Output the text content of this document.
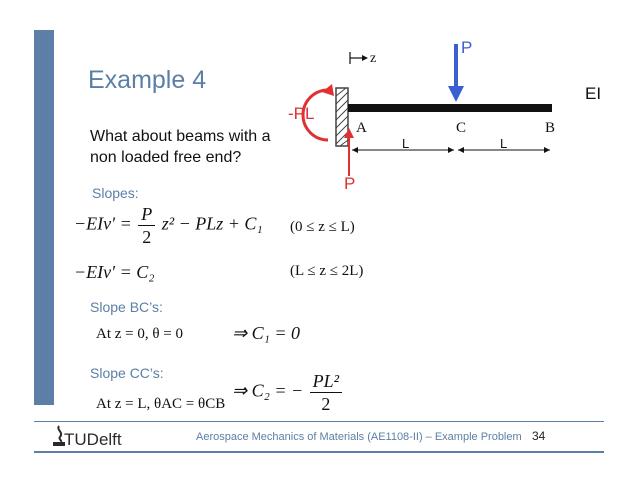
Example 4
What about beams with a
non loaded free end?
z
P
-PL
P
EI
A	C	B
L	L
Slopes:
$-EIv' = \frac{P}{2} z^2$ − PLz + C₁ (0 ≤ z ≤ L)
−EIv′ = C₂	(L ≤ z ≤ 2L)
Slope BC’s:
At z = 0, θ = 0	⇒ C₁ = 0
Slope CC’s:
At z = L, θAC = θCB
⇒ C₂ = − $\frac{\text{PL²}}{2}$
TUDelft	Aerospace Mechanics of Materials (AE1108-II) – Example Problem 34
